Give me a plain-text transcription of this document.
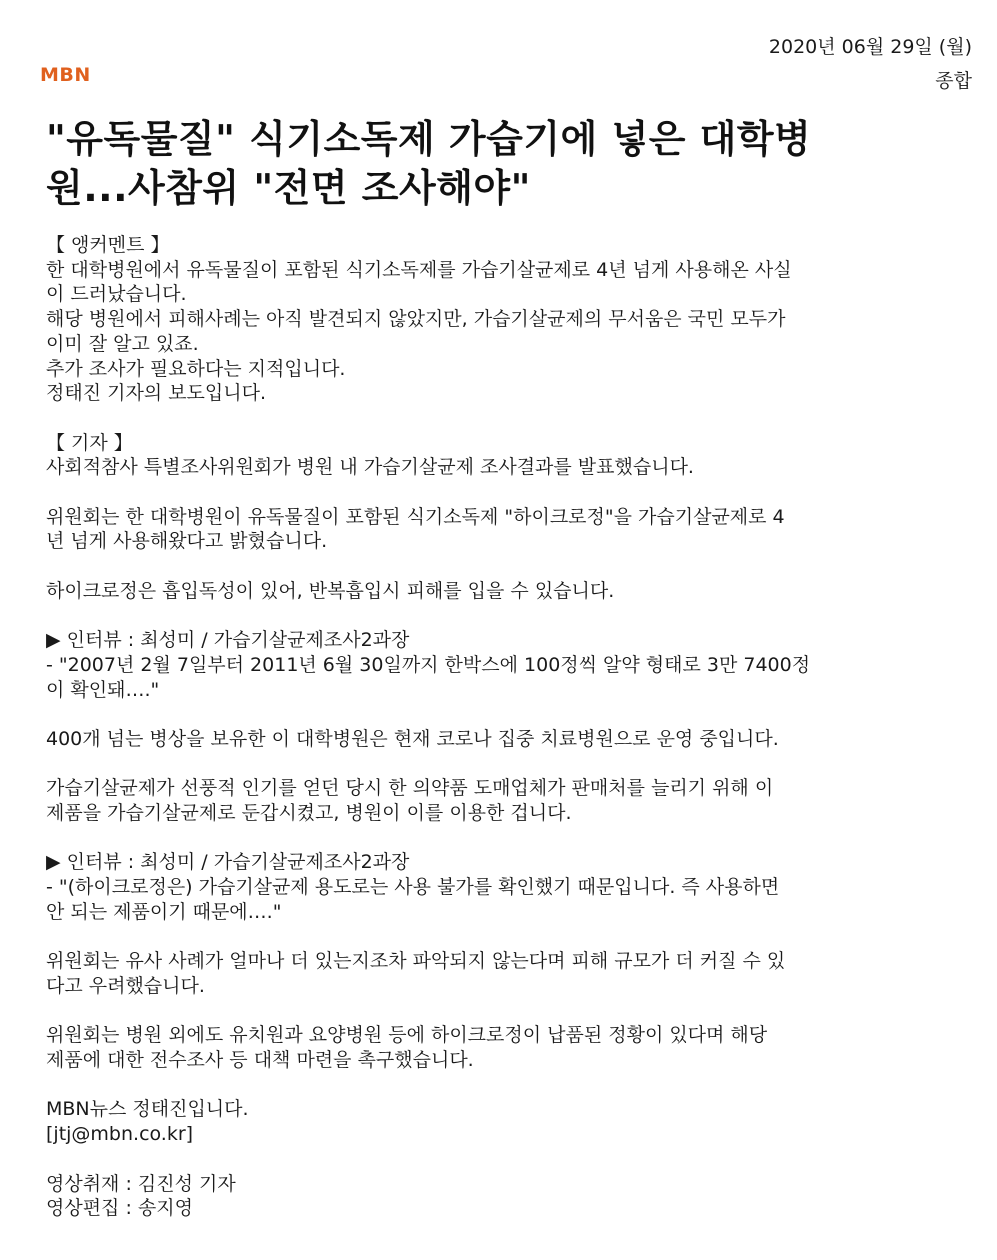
MBN
2020년 06월 29일 (월)
종합
"유독물질" 식기소독제 가습기에 넣은 대학병
원...사참위 "전면 조사해야"

【 앵커멘트 】
한 대학병원에서 유독물질이 포함된 식기소독제를 가습기살균제로 4년 넘게 사용해온 사실
이 드러났습니다.
해당 병원에서 피해사례는 아직 발견되지 않았지만, 가습기살균제의 무서움은 국민 모두가
이미 잘 알고 있죠.
추가 조사가 필요하다는 지적입니다.
정태진 기자의 보도입니다.

【 기자 】
사회적참사 특별조사위원회가 병원 내 가습기살균제 조사결과를 발표했습니다.

위원회는 한 대학병원이 유독물질이 포함된 식기소독제 "하이크로정"을 가습기살균제로 4
년 넘게 사용해왔다고 밝혔습니다.

하이크로정은 흡입독성이 있어, 반복흡입시 피해를 입을 수 있습니다.

▶ 인터뷰 : 최성미 / 가습기살균제조사2과장
- "2007년 2월 7일부터 2011년 6월 30일까지 한박스에 100정씩 알약 형태로 3만 7400정
이 확인돼…."

400개 넘는 병상을 보유한 이 대학병원은 현재 코로나 집중 치료병원으로 운영 중입니다.

가습기살균제가 선풍적 인기를 얻던 당시 한 의약품 도매업체가 판매처를 늘리기 위해 이
제품을 가습기살균제로 둔갑시켰고, 병원이 이를 이용한 겁니다.

▶ 인터뷰 : 최성미 / 가습기살균제조사2과장
- "(하이크로정은) 가습기살균제 용도로는 사용 불가를 확인했기 때문입니다. 즉 사용하면
안 되는 제품이기 때문에…."

위원회는 유사 사례가 얼마나 더 있는지조차 파악되지 않는다며 피해 규모가 더 커질 수 있
다고 우려했습니다.

위원회는 병원 외에도 유치원과 요양병원 등에 하이크로정이 납품된 정황이 있다며 해당
제품에 대한 전수조사 등 대책 마련을 촉구했습니다.

MBN뉴스 정태진입니다.
[jtj@mbn.co.kr]

영상취재 : 김진성 기자
영상편집 : 송지영
